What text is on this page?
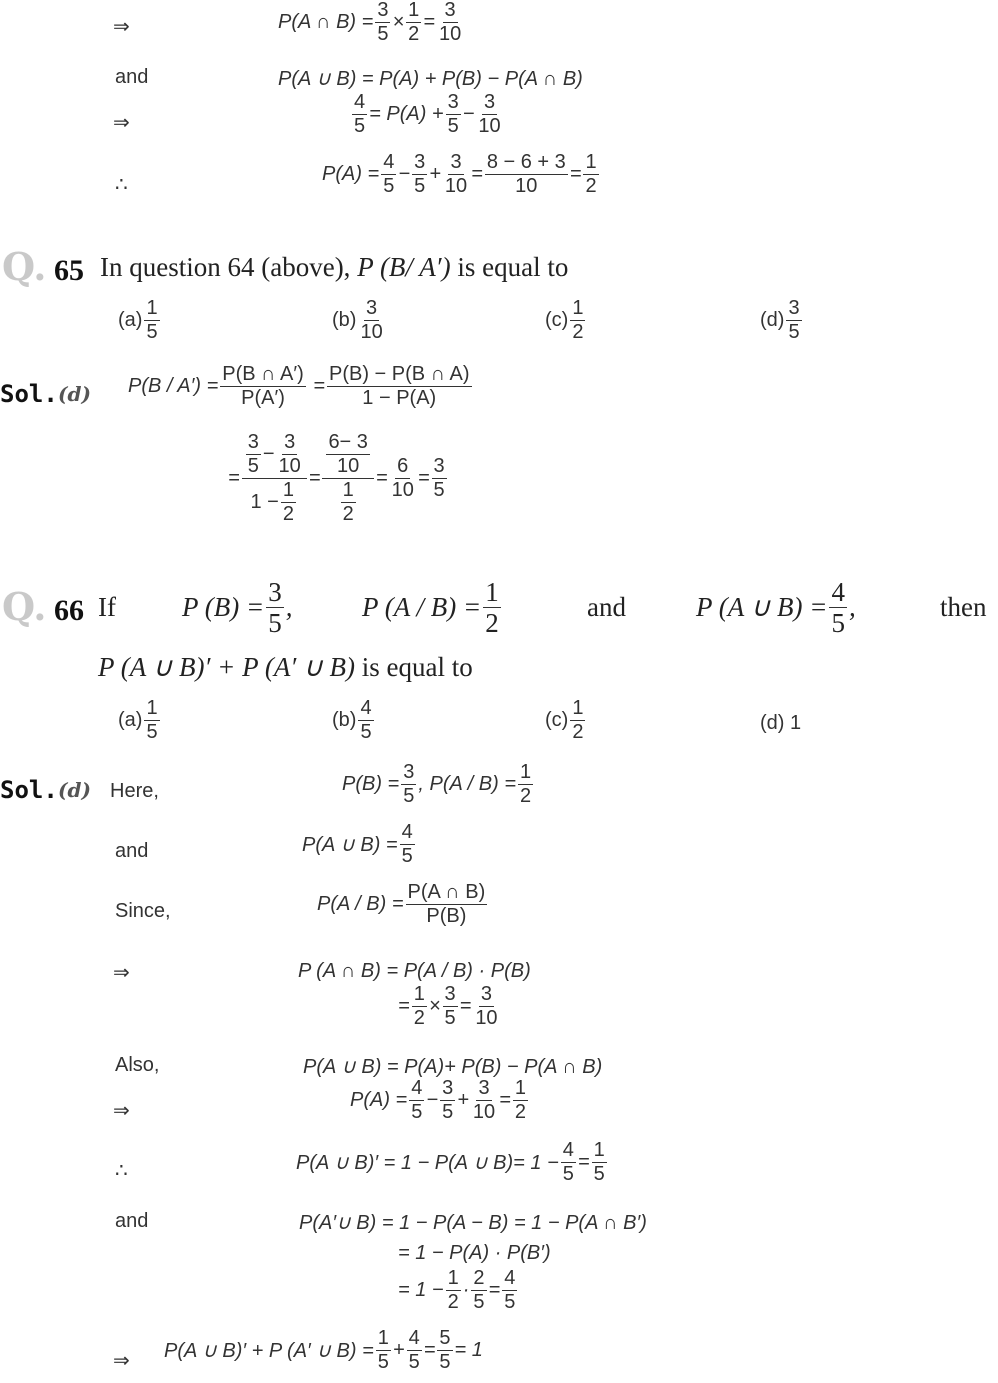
⇒	P(A ∩ $B) = \frac{3}{5} \times \frac{1}{2} = \frac{3}{10}$
and	P(A ∪ B) = P(A) + P(B) − P(A ∩ B)
⇒	$\frac{4}{5} = P(A) + \frac{3}{5} - \frac{3}{10}$
∴	$P(A) = \frac{4}{5} - \frac{3}{5} + \frac{3}{10} = \frac{8 - 6 + 3}{10} = \frac{1}{2}$
Q. 65 In question 64 (above), P (B/ A′) is equal to
$(a) \frac{1}{5}$	$(b) \frac{3}{10}$	$(c) \frac{1}{2}$	$(d) \frac{3}{5}$
Sol. (d) $P(B / A') = \frac{P(B \cap A')}{P(A')} = \frac{P(B) - P(B \cap A)}{1 - P(A)}$
= $\frac{\frac{3}{5} - \frac{3}{10}}{1 - \frac{1}{2}} = \frac{\frac{6- 3}{10}}{\frac{1}{2}} = \frac{6}{10} = \frac{3}{5}$
Q. 66 If P $(B) = \frac{3}{5}$ ,	P $(A / B) = \frac{1}{2}$	and	P (A ∪ $B) = \frac{4}{5}$ ,	then
P (A ∪ B)′ + P (A′ ∪ B) is equal to
$(a) \frac{1}{5}$	$(b) \frac{4}{5}$	$(c) \frac{1}{2}$	(d)
1
Sol. (d) Here,	$P(B) = \frac{3}{5}$ , $P(A / B) = \frac{1}{2}$
and	P(A ∪ $B) = \frac{4}{5}$
Since,	$P(A / B) = \frac{P(A \cap B)}{P(B)}$
⇒	P (A ∩ B) = P(A / B) · P(B)
= $\frac{1}{2} \times \frac{3}{5} = \frac{3}{10}$
Also,	P(A ∪ B) = P(A)+ P(B) − P(A ∩ B)
⇒	$P(A) = \frac{4}{5} - \frac{3}{5} + \frac{3}{10} = \frac{1}{2}$
∴	P(A ∪ B)′ = 1 − P(A ∪ $B)= 1 - \frac{4}{5} = \frac{1}{5}$
and	P(A′∪ B) = 1 − P(A − B) = 1 − P(A ∩ B′)
= 1 − P(A) · P(B′)
= $1 - \frac{1}{2} \cdot \frac{2}{5} = \frac{4}{5}$
⇒ P(A ∪ B)′ + P (A′ ∪ $B) = \frac{1}{5} + \frac{4}{5} = \frac{5}{5} = 1$
